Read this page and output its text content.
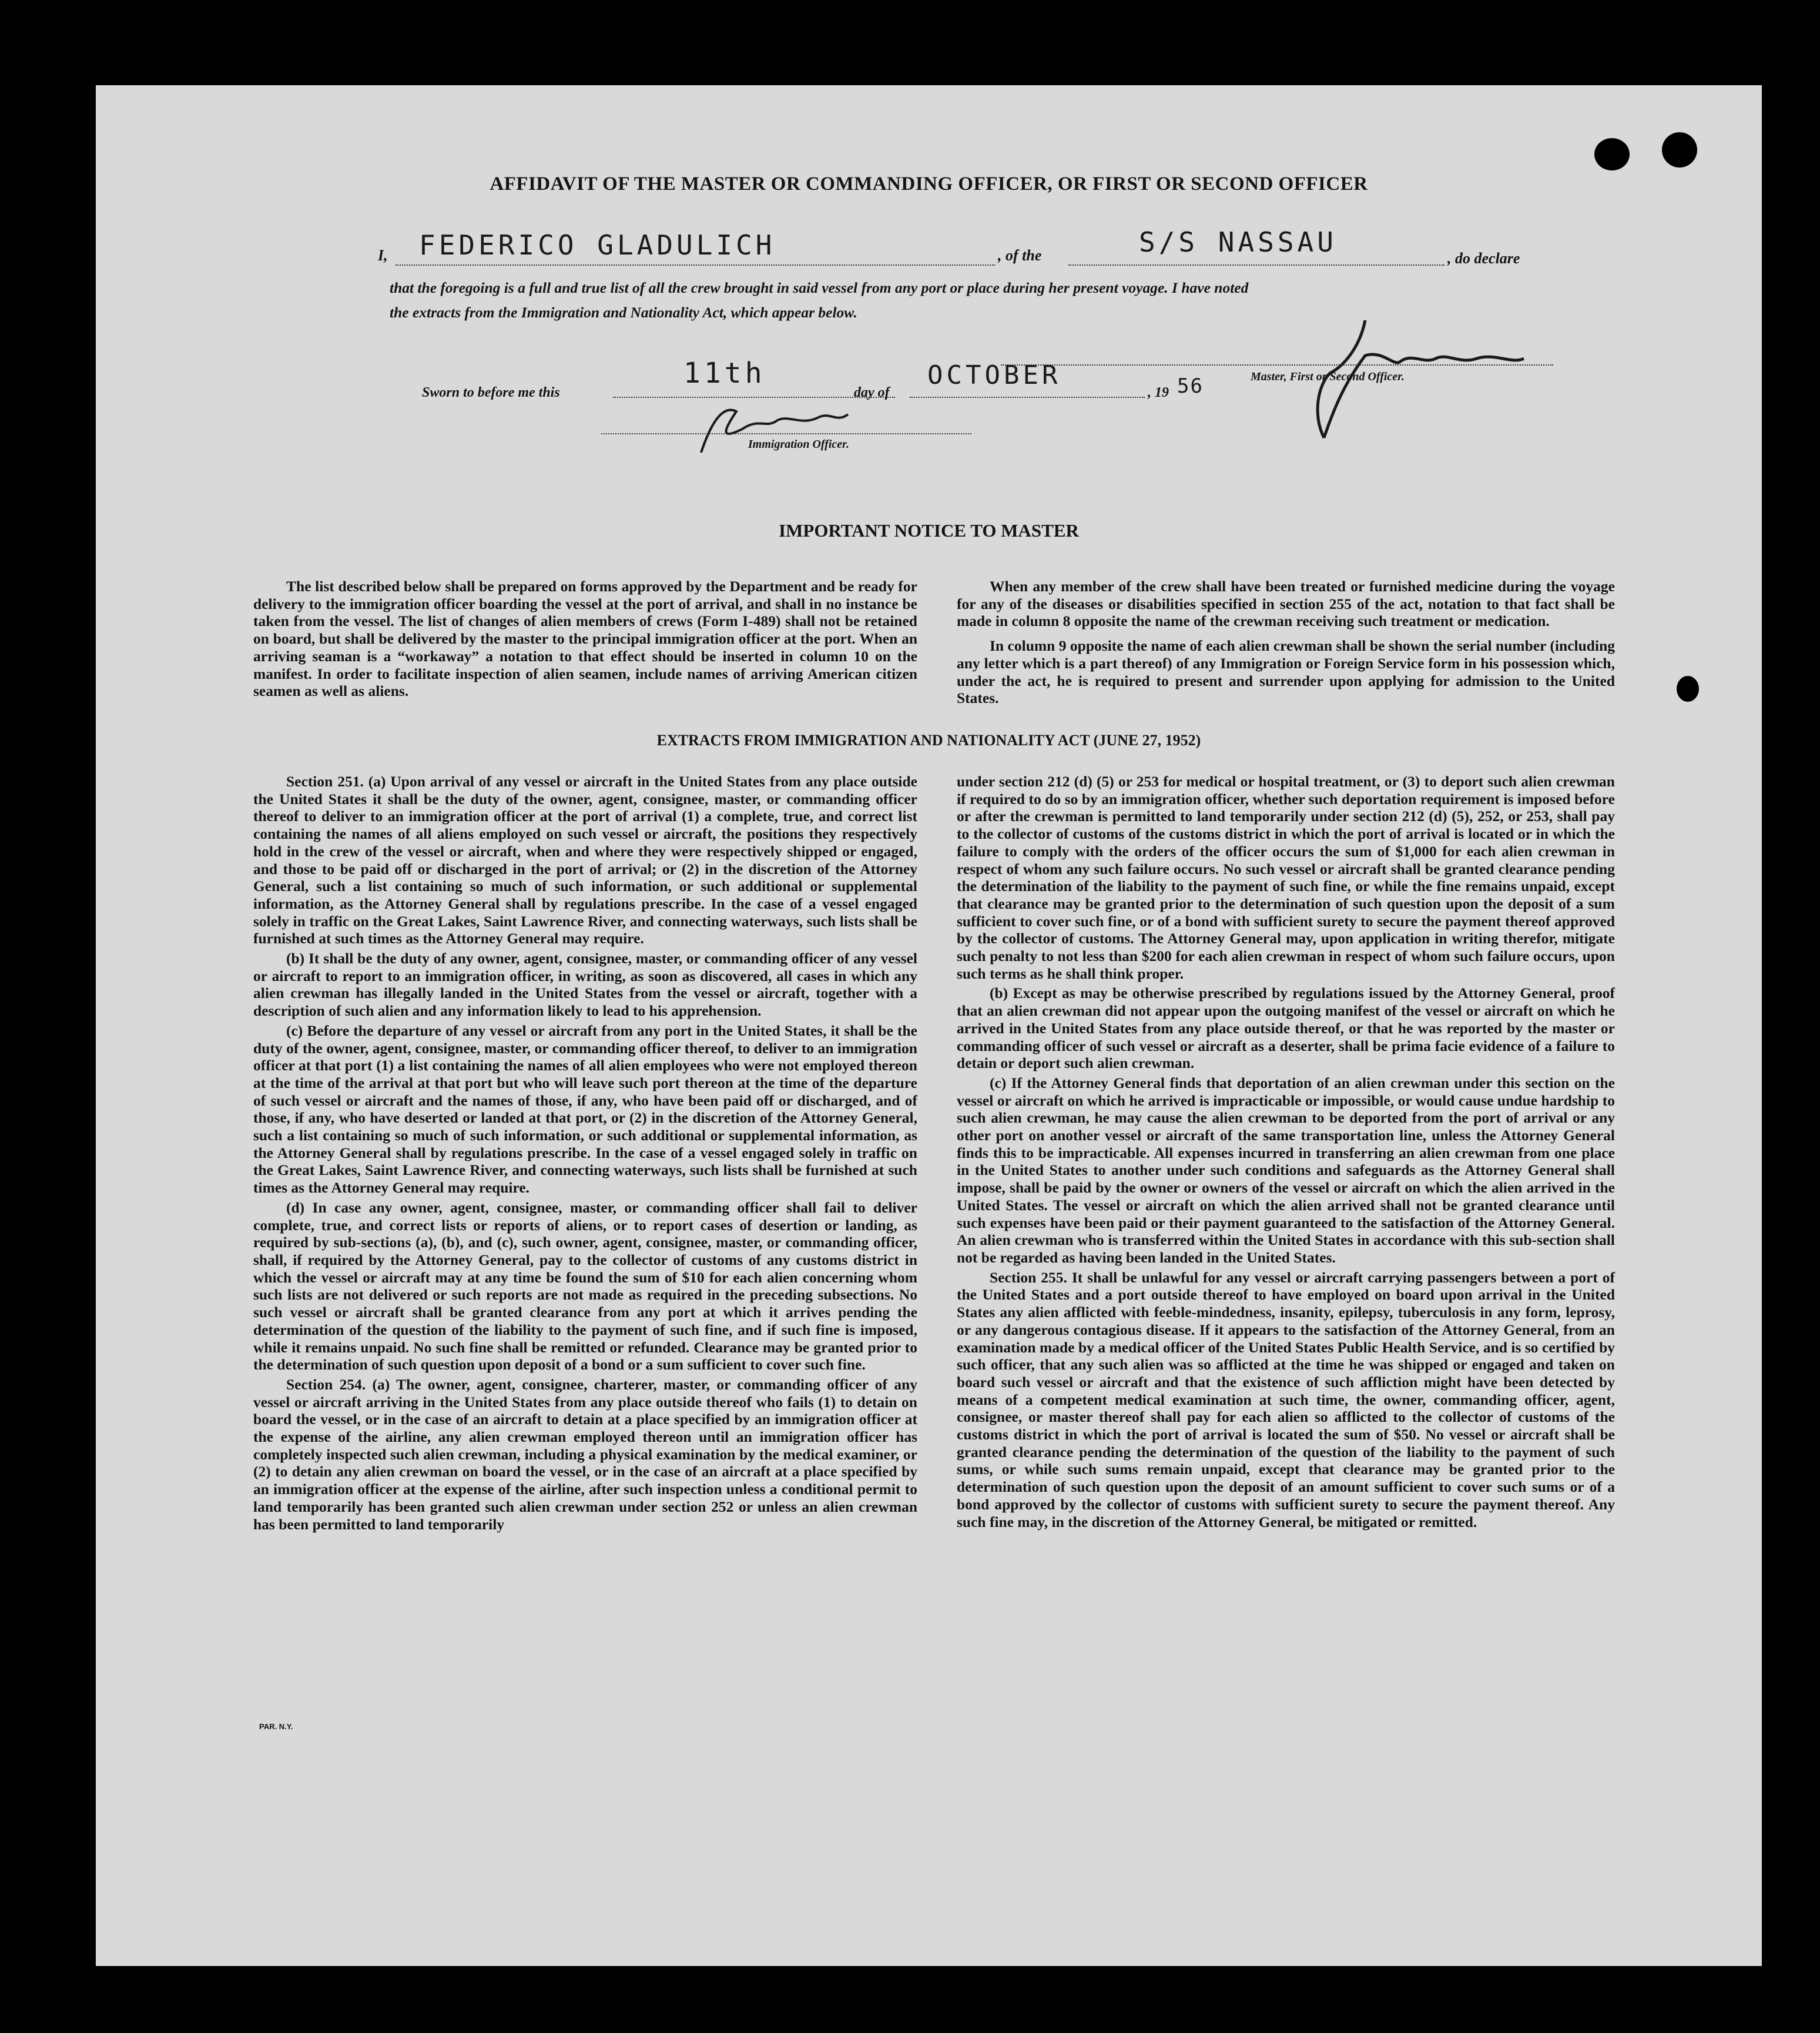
AFFIDAVIT OF THE MASTER OR COMMANDING OFFICER, OR FIRST OR SECOND OFFICER
I, FEDERICO GLADULICH	, of the	S/S NASSAU
, do declare
that the foregoing is a full and true list of all the crew brought in said vessel from any port or place during her present voyage. I have noted
the extracts from the Immigration and Nationality Act, which appear below.
Master, First or Second Officer.
Sworn to before me this
11th
day of
OCTOBER
, 19 56
Immigration Officer.
IMPORTANT NOTICE TO MASTER

The list described below shall be prepared on forms approved by the Department and be ready for delivery to the immigration officer boarding the vessel at the port of arrival, and shall in no instance be taken from the vessel. The list of changes of alien members of crews (Form I-489) shall not be retained on board, but shall be delivered by the master to the principal immigration officer at the port. When an arriving seaman is a “workaway” a notation to that effect should be inserted in column 10 on the manifest. In order to facilitate inspection of alien seamen, include names of arriving American citizen seamen as well as aliens.

When any member of the crew shall have been treated or furnished medicine during the voyage for any of the diseases or disabilities specified in section 255 of the act, notation to that fact shall be made in column 8 opposite the name of the crewman receiving such treatment or medication.

In column 9 opposite the name of each alien crewman shall be shown the serial number (including any letter which is a part thereof) of any Immigration or Foreign Service form in his possession which, under the act, he is required to present and surrender upon applying for admission to the United States.

EXTRACTS FROM IMMIGRATION AND NATIONALITY ACT (JUNE 27, 1952)

Section 251. (a) Upon arrival of any vessel or aircraft in the United States from any place outside the United States it shall be the duty of the owner, agent, consignee, master, or commanding officer thereof to deliver to an immigration officer at the port of arrival (1) a complete, true, and correct list containing the names of all aliens employed on such vessel or aircraft, the positions they respectively hold in the crew of the vessel or aircraft, when and where they were respectively shipped or engaged, and those to be paid off or discharged in the port of arrival; or (2) in the discretion of the Attorney General, such a list containing so much of such information, or such additional or supplemental information, as the Attorney General shall by regulations prescribe. In the case of a vessel engaged solely in traffic on the Great Lakes, Saint Lawrence River, and connecting waterways, such lists shall be furnished at such times as the Attorney General may require.

(b) It shall be the duty of any owner, agent, consignee, master, or commanding officer of any vessel or aircraft to report to an immigration officer, in writing, as soon as discovered, all cases in which any alien crewman has illegally landed in the United States from the vessel or aircraft, together with a description of such alien and any information likely to lead to his apprehension.

(c) Before the departure of any vessel or aircraft from any port in the United States, it shall be the duty of the owner, agent, consignee, master, or commanding officer thereof, to deliver to an immigration officer at that port (1) a list containing the names of all alien employees who were not employed thereon at the time of the arrival at that port but who will leave such port thereon at the time of the departure of such vessel or aircraft and the names of those, if any, who have been paid off or discharged, and of those, if any, who have deserted or landed at that port, or (2) in the discretion of the Attorney General, such a list containing so much of such information, or such additional or supplemental information, as the Attorney General shall by regulations prescribe. In the case of a vessel engaged solely in traffic on the Great Lakes, Saint Lawrence River, and connecting waterways, such lists shall be furnished at such times as the Attorney General may require.

(d) In case any owner, agent, consignee, master, or commanding officer shall fail to deliver complete, true, and correct lists or reports of aliens, or to report cases of desertion or landing, as required by sub-sections (a), (b), and (c), such owner, agent, consignee, master, or commanding officer, shall, if required by the Attorney General, pay to the collector of customs of any customs district in which the vessel or aircraft may at any time be found the sum of $10 for each alien concerning whom such lists are not delivered or such reports are not made as required in the preceding subsections. No such vessel or aircraft shall be granted clearance from any port at which it arrives pending the determination of the question of the liability to the payment of such fine, and if such fine is imposed, while it remains unpaid. No such fine shall be remitted or refunded. Clearance may be granted prior to the determination of such question upon deposit of a bond or a sum sufficient to cover such fine.

Section 254. (a) The owner, agent, consignee, charterer, master, or commanding officer of any vessel or aircraft arriving in the United States from any place outside thereof who fails (1) to detain on board the vessel, or in the case of an aircraft to detain at a place specified by an immigration officer at the expense of the airline, any alien crewman employed thereon until an immigration officer has completely inspected such alien crewman, including a physical examination by the medical examiner, or (2) to detain any alien crewman on board the vessel, or in the case of an aircraft at a place specified by an immigration officer at the expense of the airline, after such inspection unless a conditional permit to land temporarily has been granted such alien crewman under section 252 or unless an alien crewman has been permitted to land temporarily

under section 212 (d) (5) or 253 for medical or hospital treatment, or (3) to deport such alien crewman if required to do so by an immigration officer, whether such deportation requirement is imposed before or after the crewman is permitted to land temporarily under section 212 (d) (5), 252, or 253, shall pay to the collector of customs of the customs district in which the port of arrival is located or in which the failure to comply with the orders of the officer occurs the sum of $1,000 for each alien crewman in respect of whom any such failure occurs. No such vessel or aircraft shall be granted clearance pending the determination of the liability to the payment of such fine, or while the fine remains unpaid, except that clearance may be granted prior to the determination of such question upon the deposit of a sum sufficient to cover such fine, or of a bond with sufficient surety to secure the payment thereof approved by the collector of customs. The Attorney General may, upon application in writing therefor, mitigate such penalty to not less than $200 for each alien crewman in respect of whom such failure occurs, upon such terms as he shall think proper.

(b) Except as may be otherwise prescribed by regulations issued by the Attorney General, proof that an alien crewman did not appear upon the outgoing manifest of the vessel or aircraft on which he arrived in the United States from any place outside thereof, or that he was reported by the master or commanding officer of such vessel or aircraft as a deserter, shall be prima facie evidence of a failure to detain or deport such alien crewman.

(c) If the Attorney General finds that deportation of an alien crewman under this section on the vessel or aircraft on which he arrived is impracticable or impossible, or would cause undue hardship to such alien crewman, he may cause the alien crewman to be deported from the port of arrival or any other port on another vessel or aircraft of the same transportation line, unless the Attorney General finds this to be impracticable. All expenses incurred in transferring an alien crewman from one place in the United States to another under such conditions and safeguards as the Attorney General shall impose, shall be paid by the owner or owners of the vessel or aircraft on which the alien arrived in the United States. The vessel or aircraft on which the alien arrived shall not be granted clearance until such expenses have been paid or their payment guaranteed to the satisfaction of the Attorney General. An alien crewman who is transferred within the United States in accordance with this sub-section shall not be regarded as having been landed in the United States.

Section 255. It shall be unlawful for any vessel or aircraft carrying passengers between a port of the United States and a port outside thereof to have employed on board upon arrival in the United States any alien afflicted with feeble-mindedness, insanity, epilepsy, tuberculosis in any form, leprosy, or any dangerous contagious disease. If it appears to the satisfaction of the Attorney General, from an examination made by a medical officer of the United States Public Health Service, and is so certified by such officer, that any such alien was so afflicted at the time he was shipped or engaged and taken on board such vessel or aircraft and that the existence of such affliction might have been detected by means of a competent medical examination at such time, the owner, commanding officer, agent, consignee, or master thereof shall pay for each alien so afflicted to the collector of customs of the customs district in which the port of arrival is located the sum of $50. No vessel or aircraft shall be granted clearance pending the determination of the question of the liability to the payment of such sums, or while such sums remain unpaid, except that clearance may be granted prior to the determination of such question upon the deposit of an amount sufficient to cover such sums or of a bond approved by the collector of customs with sufficient surety to secure the payment thereof. Any such fine may, in the discretion of the Attorney General, be mitigated or remitted.

PAR. N.Y.
